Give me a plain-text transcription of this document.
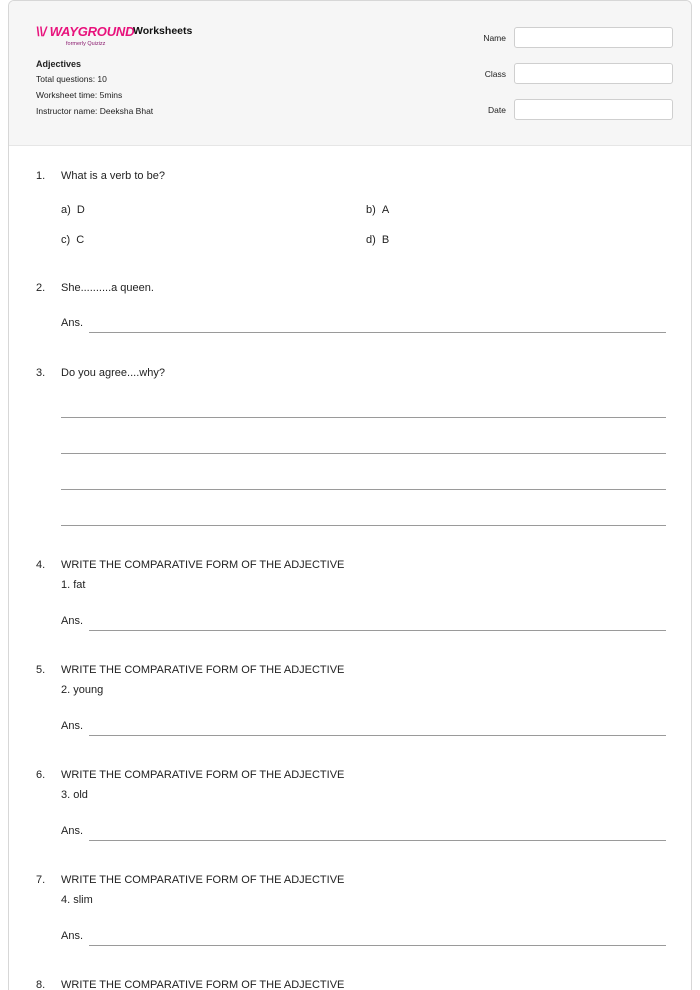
\\/ WAYGROUND
formerly Quizizz
Worksheets
Adjectives
Total questions: 10
Worksheet time: 5mins
Instructor name: Deeksha Bhat
Name
Class
Date
1. What is a verb to be?
a) D	b) A
c) C	d) B
2. She..........a queen.
Ans.
3. Do you agree....why?
4. WRITE THE COMPARATIVE FORM OF THE ADJECTIVE
1. fat
Ans.
5. WRITE THE COMPARATIVE FORM OF THE ADJECTIVE
2. young
Ans.
6. WRITE THE COMPARATIVE FORM OF THE ADJECTIVE
3. old
Ans.
7. WRITE THE COMPARATIVE FORM OF THE ADJECTIVE
4. slim
Ans.
8. WRITE THE COMPARATIVE FORM OF THE ADJECTIVE
